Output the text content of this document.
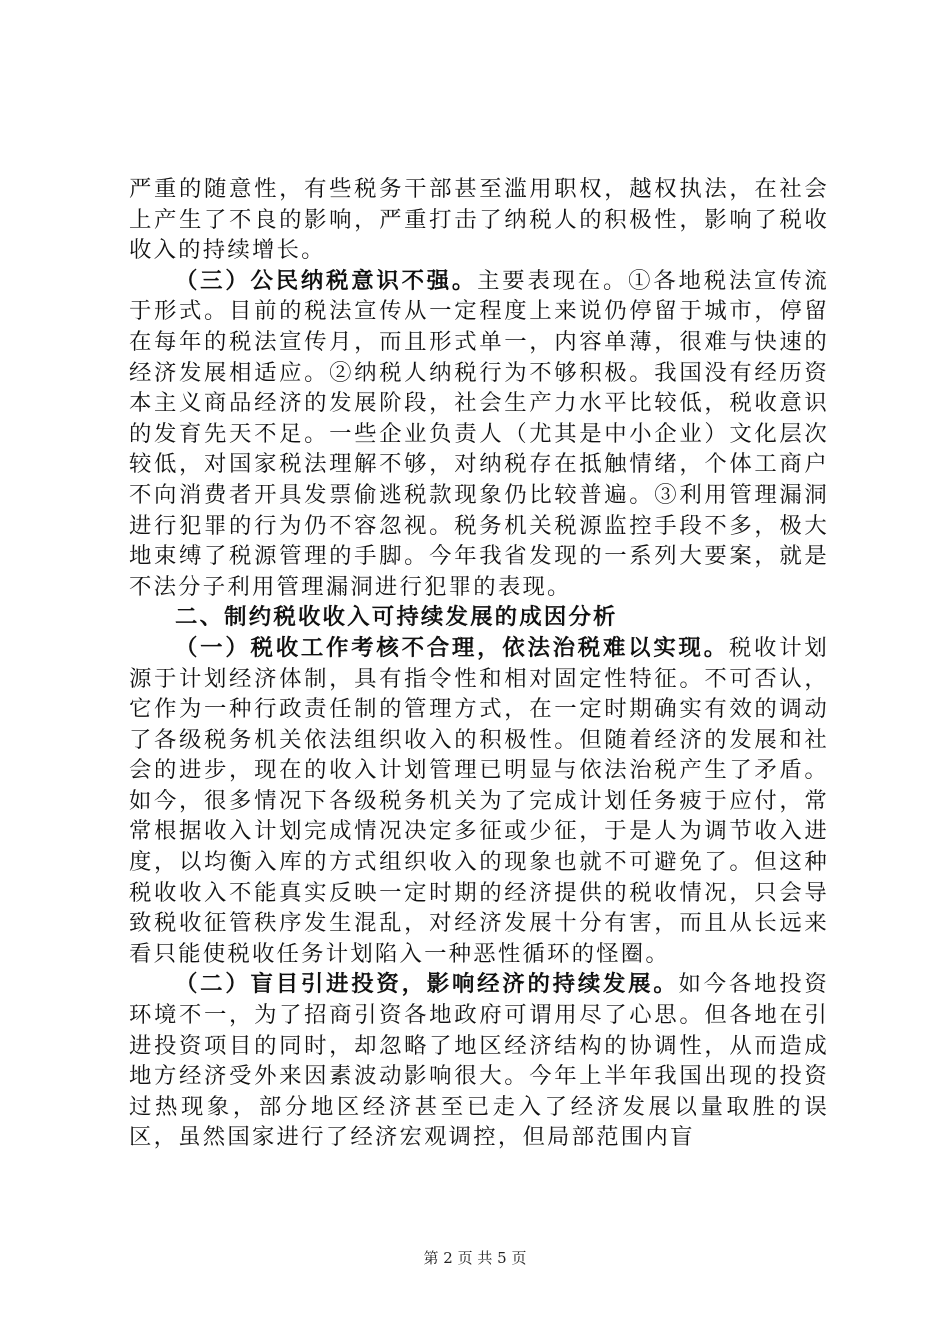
严重的随意性，有些税务干部甚至滥用职权，越权执法，在社会上产生了不良的影响，严重打击了纳税人的积极性，影响了税收收入的持续增长。

（三）公民纳税意识不强。主要表现在。①各地税法宣传流于形式。目前的税法宣传从一定程度上来说仍停留于城市，停留在每年的税法宣传月，而且形式单一，内容单薄，很难与快速的经济发展相适应。②纳税人纳税行为不够积极。我国没有经历资本主义商品经济的发展阶段，社会生产力水平比较低，税收意识的发育先天不足。一些企业负责人（尤其是中小企业）文化层次较低，对国家税法理解不够，对纳税存在抵触情绪，个体工商户不向消费者开具发票偷逃税款现象仍比较普遍。③利用管理漏洞进行犯罪的行为仍不容忽视。税务机关税源监控手段不多，极大地束缚了税源管理的手脚。今年我省发现的一系列大要案，就是不法分子利用管理漏洞进行犯罪的表现。

二、制约税收收入可持续发展的成因分析

（一）税收工作考核不合理，依法治税难以实现。税收计划源于计划经济体制，具有指令性和相对固定性特征。不可否认，它作为一种行政责任制的管理方式，在一定时期确实有效的调动了各级税务机关依法组织收入的积极性。但随着经济的发展和社会的进步，现在的收入计划管理已明显与依法治税产生了矛盾。如今，很多情况下各级税务机关为了完成计划任务疲于应付，常常根据收入计划完成情况决定多征或少征，于是人为调节收入进度，以均衡入库的方式组织收入的现象也就不可避免了。但这种税收收入不能真实反映一定时期的经济提供的税收情况，只会导致税收征管秩序发生混乱，对经济发展十分有害，而且从长远来看只能使税收任务计划陷入一种恶性循环的怪圈。

（二）盲目引进投资，影响经济的持续发展。如今各地投资环境不一，为了招商引资各地政府可谓用尽了心思。但各地在引进投资项目的同时，却忽略了地区经济结构的协调性，从而造成地方经济受外来因素波动影响很大。今年上半年我国出现的投资过热现象，部分地区经济甚至已走入了经济发展以量取胜的误区，虽然国家进行了经济宏观调控，但局部范围内盲

第 2 页 共 5 页
